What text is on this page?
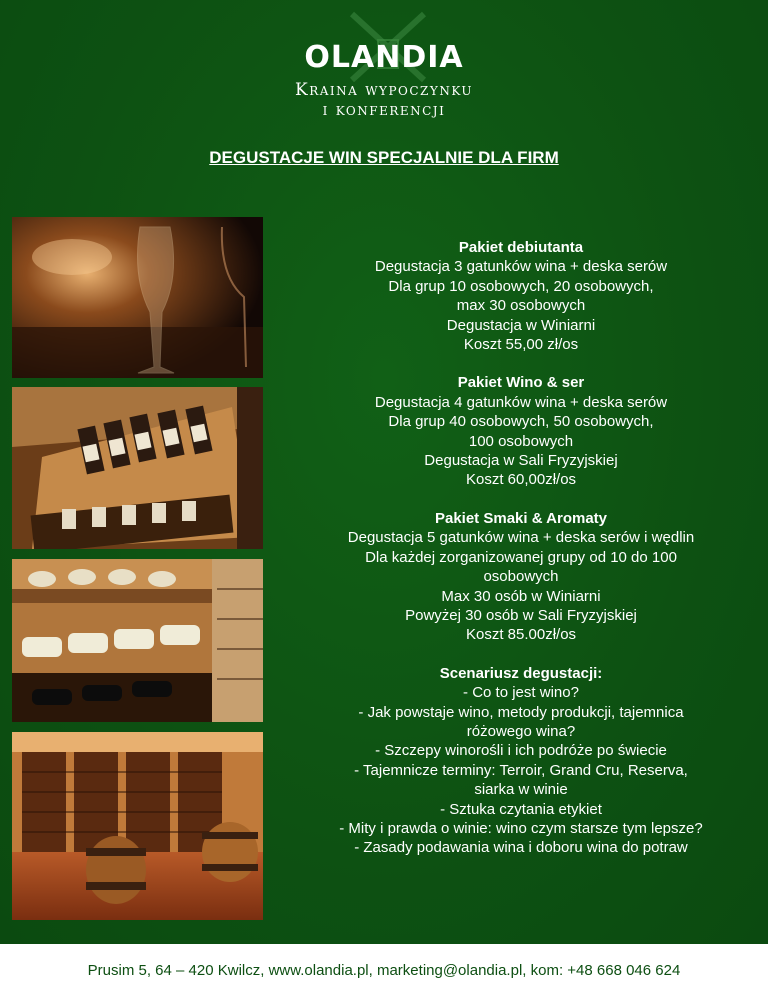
OLANDIA
Kraina wypoczynku
i konferencji
DEGUSTACJE WIN SPECJALNIE DLA FIRM
Pakiet debiutanta
Degustacja 3 gatunków wina + deska serów
Dla grup 10 osobowych, 20 osobowych,
max 30 osobowych
Degustacja w Winiarni
Koszt 55,00 zł/os
Pakiet Wino & ser
Degustacja 4 gatunków wina + deska serów
Dla grup 40 osobowych, 50 osobowych,
100 osobowych
Degustacja w Sali Fryzyjskiej
Koszt 60,00zł/os
Pakiet Smaki & Aromaty
Degustacja 5 gatunków wina + deska serów i wędlin
Dla każdej zorganizowanej grupy od 10 do 100
osobowych
Max 30 osób w Winiarni
Powyżej 30 osób w Sali Fryzyjskiej
Koszt 85.00zł/os
Scenariusz degustacji:
- Co to jest wino?
- Jak powstaje wino, metody produkcji, tajemnica
różowego wina?
- Szczepy winorośli i ich podróże po świecie
- Tajemnicze terminy: Terroir, Grand Cru, Reserva,
siarka w winie
- Sztuka czytania etykiet
- Mity i prawda o winie: wino czym starsze tym lepsze?
- Zasady podawania wina i doboru wina do potraw
Prusim 5, 64 – 420 Kwilcz, www.olandia.pl, marketing@olandia.pl, kom: +48 668 046 624
